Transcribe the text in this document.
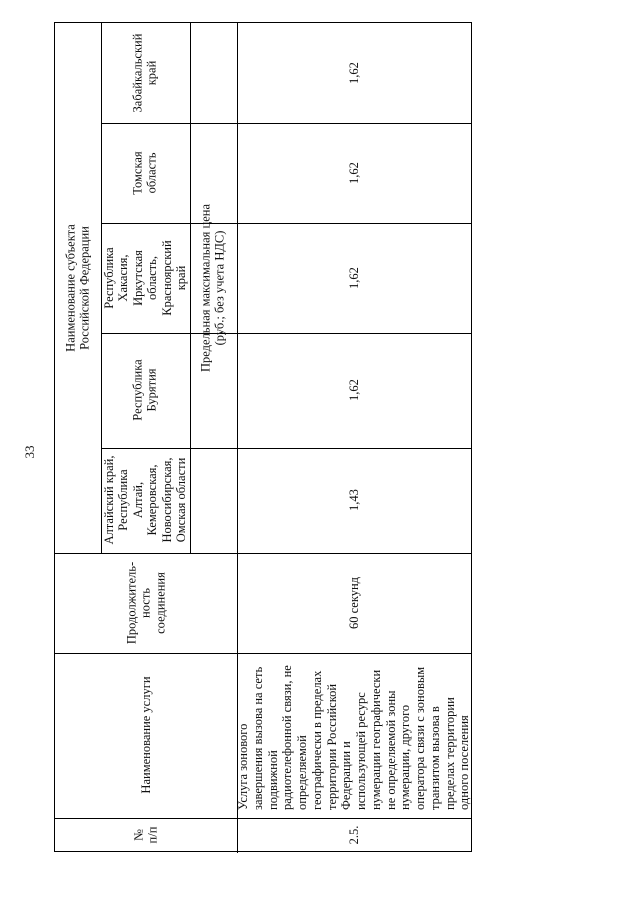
33
№
п/п
Наименование услуги
Продолжитель-
ность
соединения
Наименование субъекта
Российской Федерации
Алтайский край,
Республика
Алтай,
Кемеровская,
Новосибирская,
Омская области
Республика
Бурятия
Республика
Хакасия,
Иркутская
область,
Красноярский
край
Томская
область
Забайкальский
край
Предельная максимальная цена
(руб.; без учета НДС)
2.5.
Услуга зонового завершения вызова на сеть подвижной радиотелефонной связи, не определяемой географически в пределах территории Российской Федерации и использующей ресурс нумерации географически не определяемой зоны нумерации, другого оператора связи с зоновым транзитом вызова в пределах территории одного поселения
60 секунд
1,43
1,62
1,62
1,62
1,62
